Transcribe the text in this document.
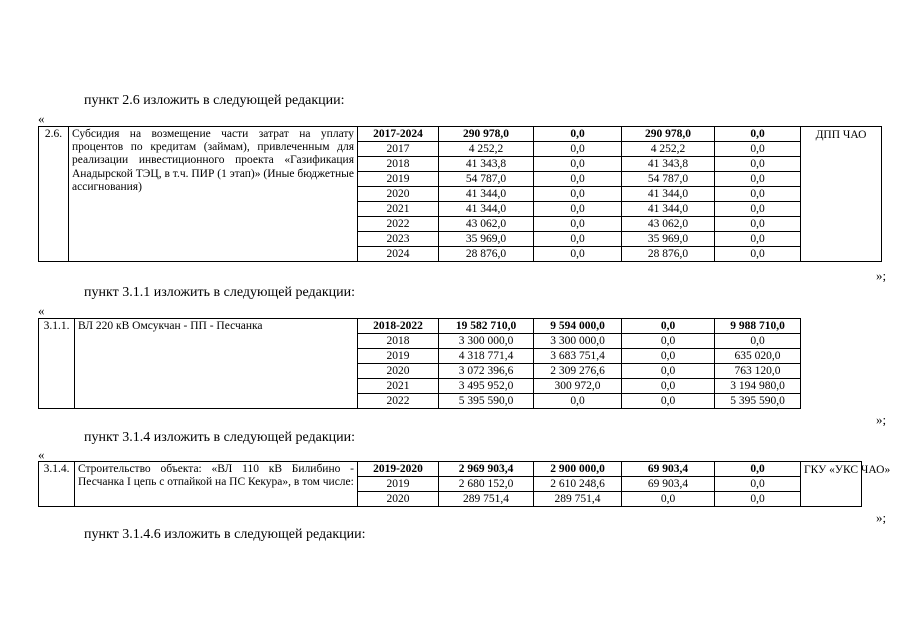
пункт 2.6 изложить в следующей редакции:
«
2.6.	Субсидия на возмещение части затрат на уплату процентов по кредитам (займам), привлеченным для реализации инвестиционного проекта «Газификация Анадырской ТЭЦ, в т.ч. ПИР (1 этап)» (Иные бюджетные ассигнования)	2017-2024	290 978,0	0,0	290 978,0	0,0	ДПП ЧАО
		2017	4 252,2	0,0	4 252,2	0,0	
		2018	41 343,8	0,0	41 343,8	0,0	
		2019	54 787,0	0,0	54 787,0	0,0	
		2020	41 344,0	0,0	41 344,0	0,0	
		2021	41 344,0	0,0	41 344,0	0,0	
		2022	43 062,0	0,0	43 062,0	0,0	
		2023	35 969,0	0,0	35 969,0	0,0	
		2024	28 876,0	0,0	28 876,0	0,0	
»;
пункт 3.1.1 изложить в следующей редакции:
«
3.1.1.	ВЛ 220 кВ Омсукчан - ПП - Песчанка	2018-2022	19 582 710,0	9 594 000,0	0,0	9 988 710,0
		2018	3 300 000,0	3 300 000,0	0,0	0,0
		2019	4 318 771,4	3 683 751,4	0,0	635 020,0
		2020	3 072 396,6	2 309 276,6	0,0	763 120,0
		2021	3 495 952,0	300 972,0	0,0	3 194 980,0
		2022	5 395 590,0	0,0	0,0	5 395 590,0
»;
пункт 3.1.4 изложить в следующей редакции:
«
3.1.4.	Строительство объекта: «ВЛ 110 кВ Билибино - Песчанка I цепь с отпайкой на ПС Кекура», в том числе:	2019-2020	2 969 903,4	2 900 000,0	69 903,4	0,0	ГКУ «УКС ЧАО»
		2019	2 680 152,0	2 610 248,6	69 903,4	0,0	
		2020	289 751,4	289 751,4	0,0	0,0	
»;
пункт 3.1.4.6 изложить в следующей редакции:
